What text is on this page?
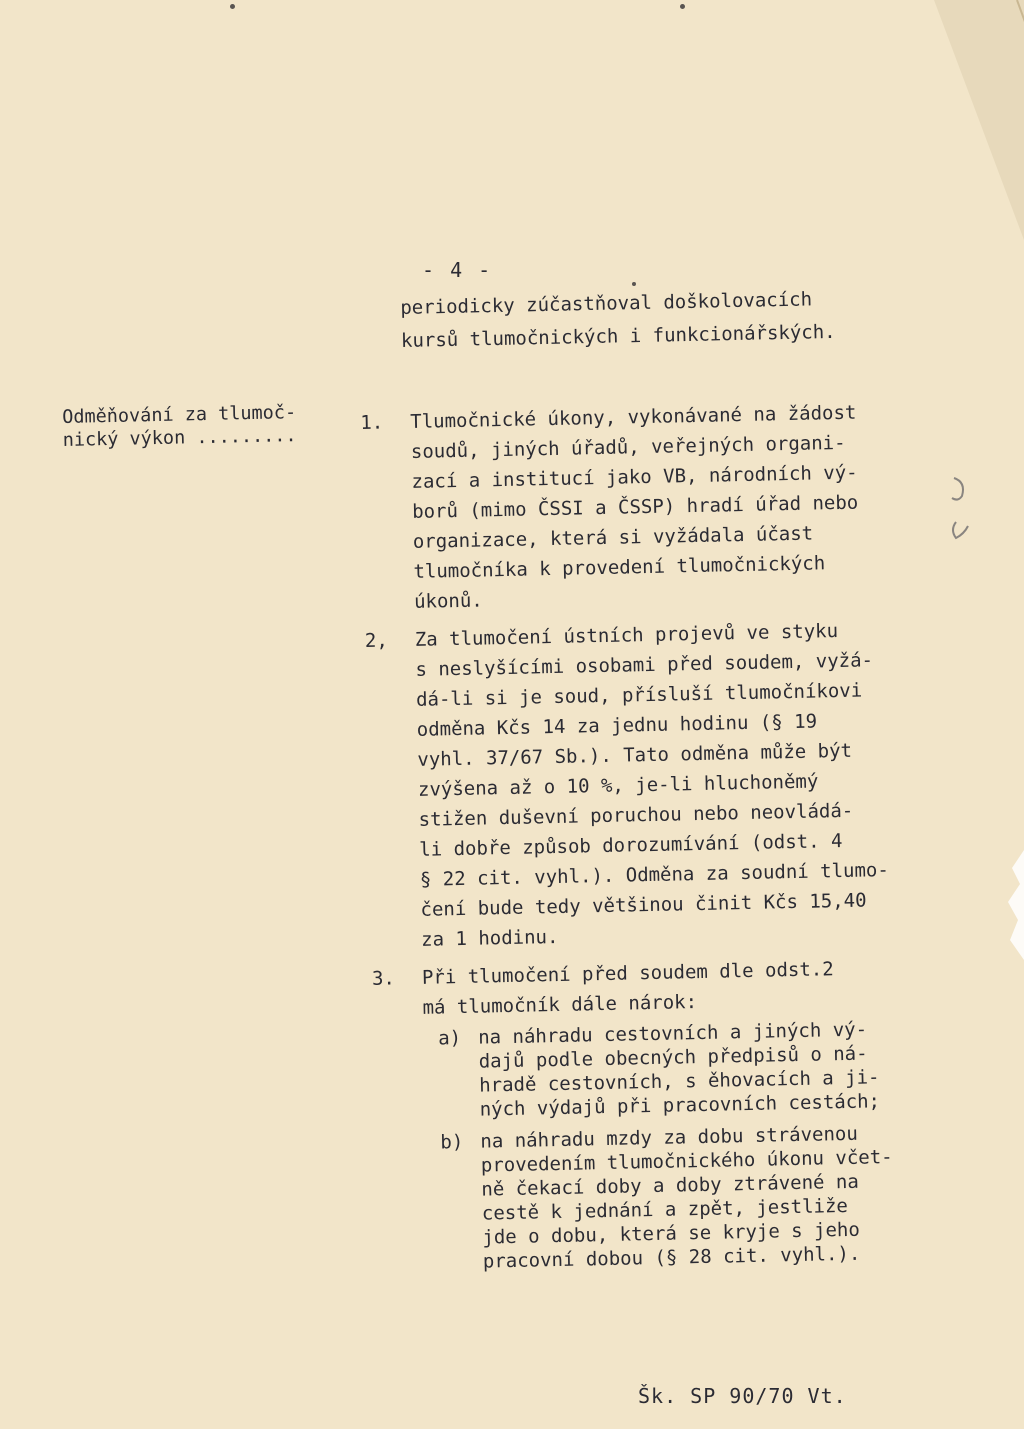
- 4 -
periodicky zúčastňoval doškolovacích
kursů tlumočnických i funkcionářských.
Odměňování za tlumoč-
nický výkon .........
1. Tlumočnické úkony, vykonávané na žádost
soudů, jiných úřadů, veřejných organi-
zací a institucí jako VB, národních vý-
borů (mimo ČSSI a ČSSP) hradí úřad nebo
organizace, která si vyžádala účast
tlumočníka k provedení tlumočnických
úkonů.
2, Za tlumočení ústních projevů ve styku
s neslyšícími osobami před soudem, vyžá-
dá-li si je soud, přísluší tlumočníkovi
odměna Kčs 14 za jednu hodinu (§ 19
vyhl. 37/67 Sb.). Tato odměna může být
zvýšena až o 10 %, je-li hluchoněmý
stižen duševní poruchou nebo neovládá-
li dobře způsob dorozumívání (odst. 4
§ 22 cit. vyhl.). Odměna za soudní tlumo-
čení bude tedy většinou činit Kčs 15,40
za 1 hodinu.
3. Při tlumočení před soudem dle odst.2
má tlumočník dále nárok:
a) na náhradu cestovních a jiných vý-
dajů podle obecných předpisů o ná-
hradě cestovních, s ěhovacích a ji-
ných výdajů při pracovních cestách;
b) na náhradu mzdy za dobu strávenou
provedením tlumočnického úkonu včet-
ně čekací doby a doby ztrávené na
cestě k jednání a zpět, jestliže
jde o dobu, která se kryje s jeho
pracovní dobou (§ 28 cit. vyhl.).
Šk. SP 90/70 Vt.
